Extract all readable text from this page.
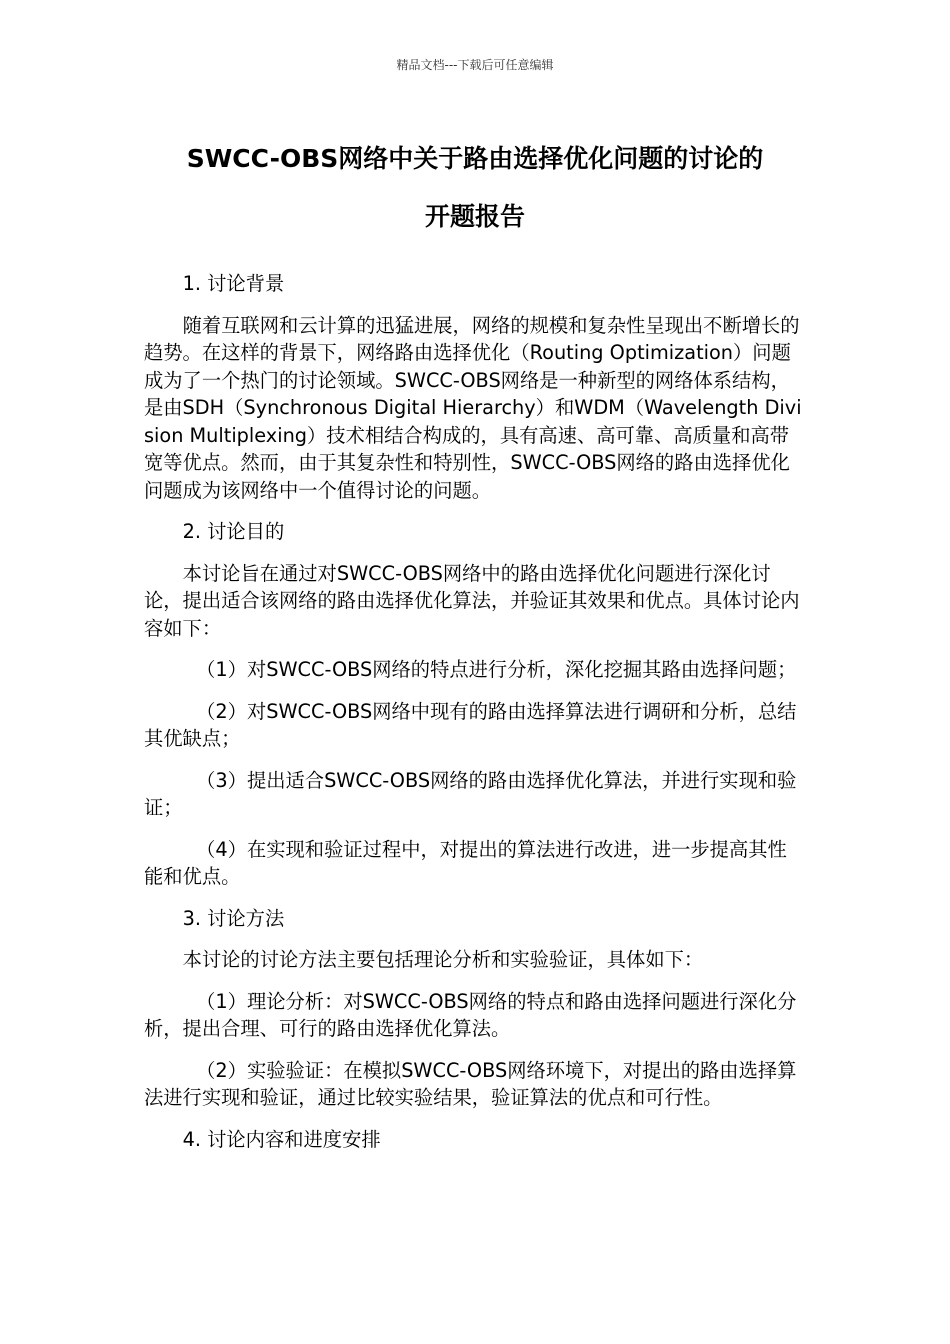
精品文档---下载后可任意编辑
SWCC-OBS网络中关于路由选择优化问题的讨论的
开题报告

1. 讨论背景

随着互联网和云计算的迅猛进展，网络的规模和复杂性呈现出不断增长的趋势。在这样的背景下，网络路由选择优化（Routing Optimization）问题成为了一个热门的讨论领域。SWCC-OBS网络是一种新型的网络体系结构，是由SDH（Synchronous Digital Hierarchy）和WDM（Wavelength Division Multiplexing）技术相结合构成的，具有高速、高可靠、高质量和高带宽等优点。然而，由于其复杂性和特别性，SWCC-OBS网络的路由选择优化问题成为该网络中一个值得讨论的问题。

2. 讨论目的

本讨论旨在通过对SWCC-OBS网络中的路由选择优化问题进行深化讨论，提出适合该网络的路由选择优化算法，并验证其效果和优点。具体讨论内容如下：

（1）对SWCC-OBS网络的特点进行分析，深化挖掘其路由选择问题；

（2）对SWCC-OBS网络中现有的路由选择算法进行调研和分析，总结其优缺点；

（3）提出适合SWCC-OBS网络的路由选择优化算法，并进行实现和验证；

（4）在实现和验证过程中，对提出的算法进行改进，进一步提高其性能和优点。

3. 讨论方法

本讨论的讨论方法主要包括理论分析和实验验证，具体如下：

（1）理论分析：对SWCC-OBS网络的特点和路由选择问题进行深化分析，提出合理、可行的路由选择优化算法。

（2）实验验证：在模拟SWCC-OBS网络环境下，对提出的路由选择算法进行实现和验证，通过比较实验结果，验证算法的优点和可行性。

4. 讨论内容和进度安排
